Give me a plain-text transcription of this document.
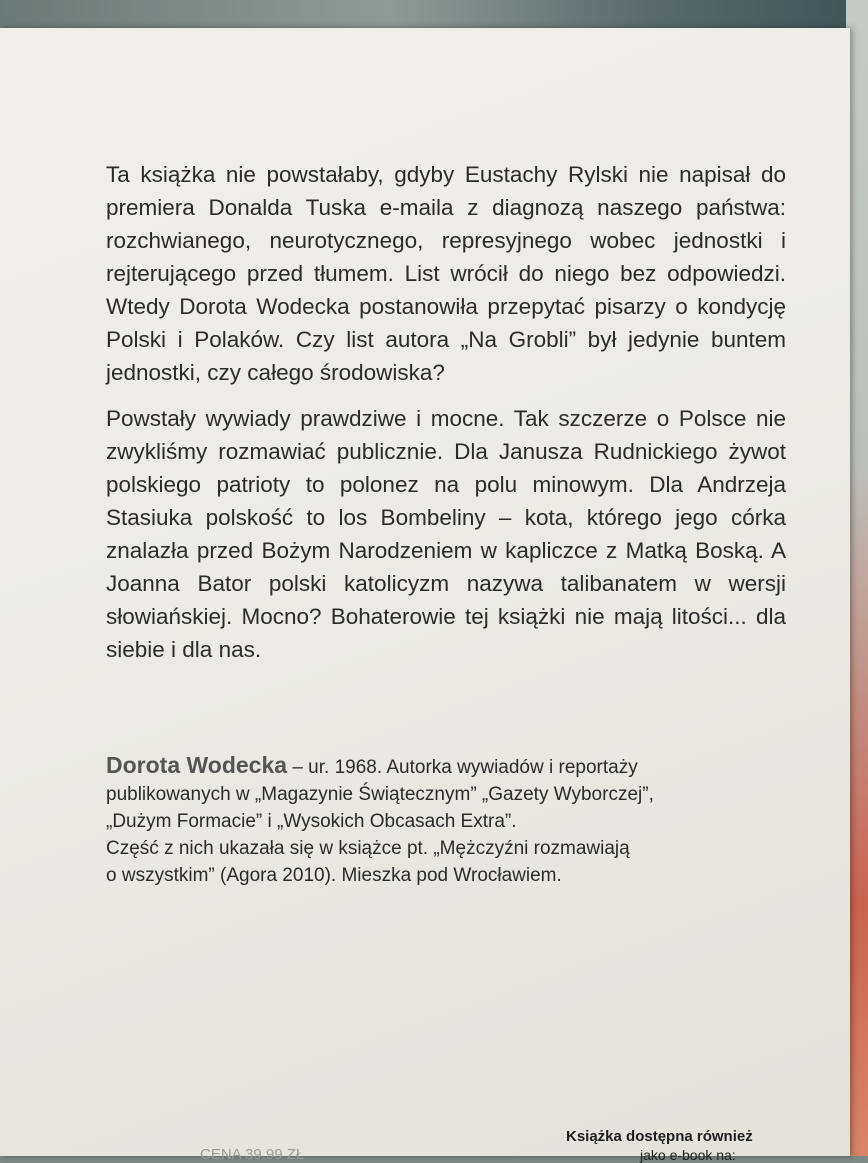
Ta książka nie powstałaby, gdyby Eustachy Rylski nie napisał do premiera Donalda Tuska e-maila z diagnozą naszego państwa: rozchwianego, neurotycznego, represyjnego wobec jednostki i rejterującego przed tłumem. List wrócił do niego bez odpowiedzi. Wtedy Dorota Wodecka postanowiła przepytać pisarzy o kondycję Polski i Polaków. Czy list autora „Na Grobli” był jedynie buntem jednostki, czy całego środowiska?

Powstały wywiady prawdziwe i mocne. Tak szczerze o Polsce nie zwykliśmy rozmawiać publicznie. Dla Janusza Rudnickiego żywot polskiego patrioty to polonez na polu minowym. Dla Andrzeja Stasiuka polskość to los Bombeliny – kota, którego jego córka znalazła przed Bożym Narodzeniem w kapliczce z Matką Boską. A Joanna Bator polski katolicyzm nazywa talibanatem w wersji słowiańskiej. Mocno? Bohaterowie tej książki nie mają litości... dla siebie i dla nas.

Dorota Wodecka – ur. 1968. Autorka wywiadów i reportaży
publikowanych w „Magazynie Świątecznym” „Gazety Wyborczej”,
„Dużym Formacie” i „Wysokich Obcasach Extra”.
Część z nich ukazała się w książce pt. „Mężczyźni rozmawiają
o wszystkim” (Agora 2010). Mieszka pod Wrocławiem.
CENA 39,99 ZŁ
Książka dostępna również
jako e-book na:
